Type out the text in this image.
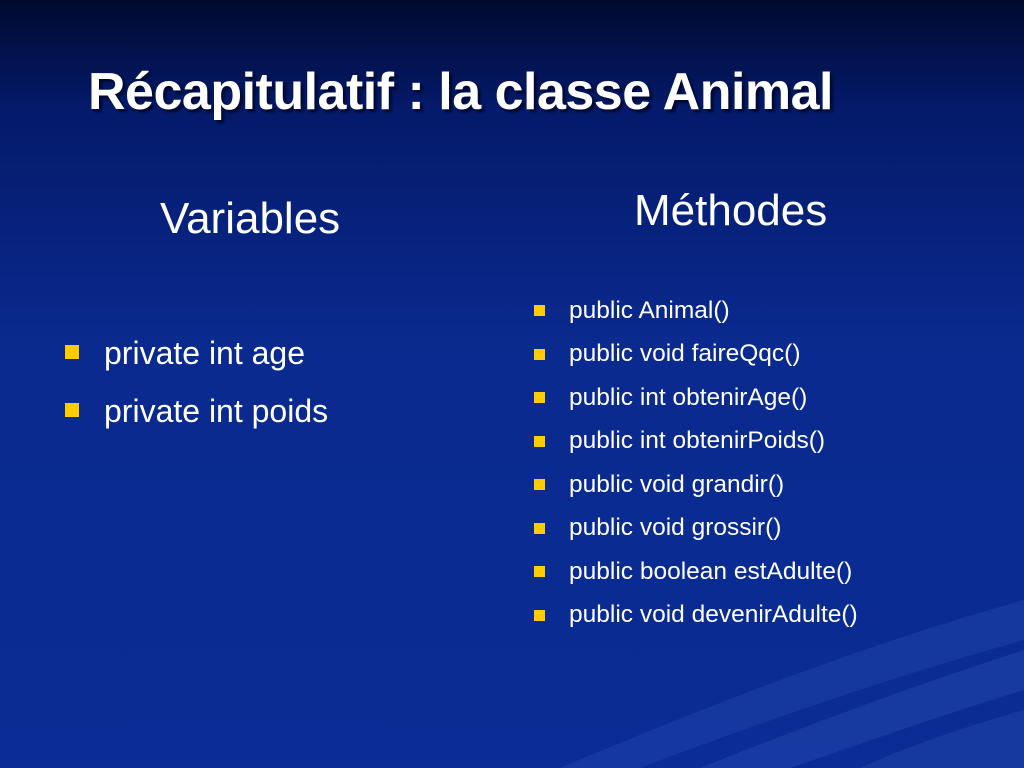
Récapitulatif : la classe Animal
Variables	Méthodes
private int age
private int poids
public Animal()
public void faireQqc()
public int obtenirAge()
public int obtenirPoids()
public void grandir()
public void grossir()
public boolean estAdulte()
public void devenirAdulte()
